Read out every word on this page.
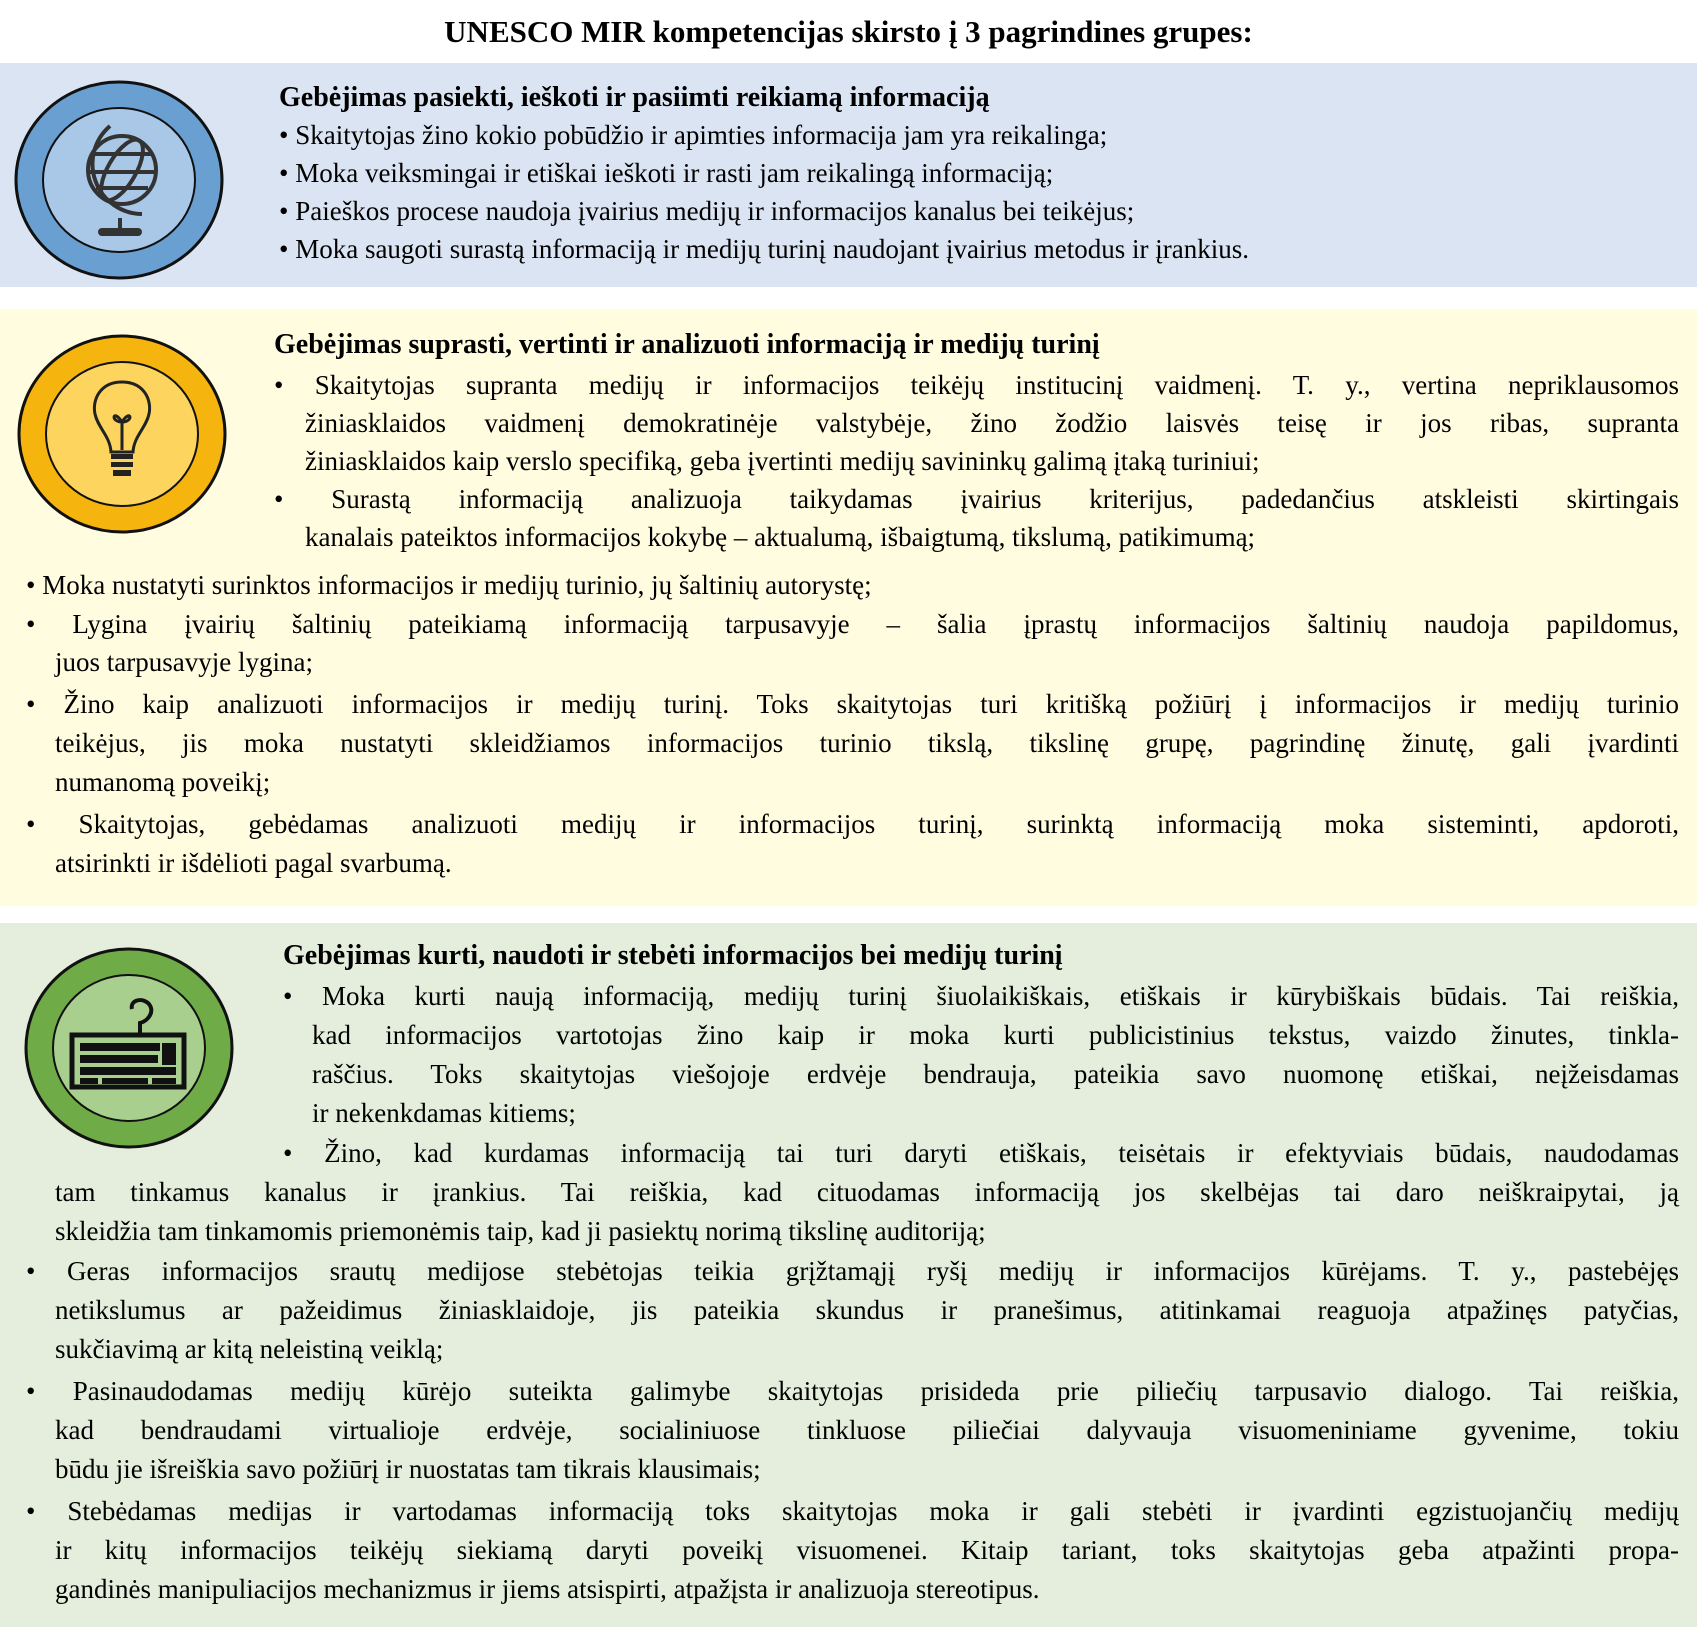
UNESCO MIR kompetencijas skirsto į 3 pagrindines grupes:
Gebėjimas pasiekti, ieškoti ir pasiimti reikiamą informaciją
• Skaitytojas žino kokio pobūdžio ir apimties informacija jam yra reikalinga;
• Moka veiksmingai ir etiškai ieškoti ir rasti jam reikalingą informaciją;
• Paieškos procese naudoja įvairius medijų ir informacijos kanalus bei teikėjus;
• Moka saugoti surastą informaciją ir medijų turinį naudojant įvairius metodus ir įrankius.
Gebėjimas suprasti, vertinti ir analizuoti informaciją ir medijų turinį
• Skaitytojas supranta medijų ir informacijos teikėjų institucinį vaidmenį. T. y., vertina nepriklausomos
žiniasklaidos vaidmenį demokratinėje valstybėje, žino žodžio laisvės teisę ir jos ribas, supranta
žiniasklaidos kaip verslo specifiką, geba įvertinti medijų savininkų galimą įtaką turiniui;
• Surastą informaciją analizuoja taikydamas įvairius kriterijus, padedančius atskleisti skirtingais
kanalais pateiktos informacijos kokybę – aktualumą, išbaigtumą, tikslumą, patikimumą;
• Moka nustatyti surinktos informacijos ir medijų turinio, jų šaltinių autorystę;
• Lygina įvairių šaltinių pateikiamą informaciją tarpusavyje – šalia įprastų informacijos šaltinių naudoja papildomus,
juos tarpusavyje lygina;
• Žino kaip analizuoti informacijos ir medijų turinį. Toks skaitytojas turi kritišką požiūrį į informacijos ir medijų turinio
teikėjus, jis moka nustatyti skleidžiamos informacijos turinio tikslą, tikslinę grupę, pagrindinę žinutę, gali įvardinti
numanomą poveikį;
• Skaitytojas, gebėdamas analizuoti medijų ir informacijos turinį, surinktą informaciją moka sisteminti, apdoroti,
atsirinkti ir išdėlioti pagal svarbumą.
Gebėjimas kurti, naudoti ir stebėti informacijos bei medijų turinį
• Moka kurti naują informaciją, medijų turinį šiuolaikiškais, etiškais ir kūrybiškais būdais. Tai reiškia,
kad informacijos vartotojas žino kaip ir moka kurti publicistinius tekstus, vaizdo žinutes, tinkla-
raščius. Toks skaitytojas viešojoje erdvėje bendrauja, pateikia savo nuomonę etiškai, neįžeisdamas
ir nekenkdamas kitiems;
• Žino, kad kurdamas informaciją tai turi daryti etiškais, teisėtais ir efektyviais būdais, naudodamas
tam tinkamus kanalus ir įrankius. Tai reiškia, kad cituodamas informaciją jos skelbėjas tai daro neiškraipytai, ją
skleidžia tam tinkamomis priemonėmis taip, kad ji pasiektų norimą tikslinę auditoriją;
• Geras informacijos srautų medijose stebėtojas teikia grįžtamąjį ryšį medijų ir informacijos kūrėjams. T. y., pastebėjęs
netikslumus ar pažeidimus žiniasklaidoje, jis pateikia skundus ir pranešimus, atitinkamai reaguoja atpažinęs patyčias,
sukčiavimą ar kitą neleistiną veiklą;
• Pasinaudodamas medijų kūrėjo suteikta galimybe skaitytojas prisideda prie piliečių tarpusavio dialogo. Tai reiškia,
kad bendraudami virtualioje erdvėje, socialiniuose tinkluose piliečiai dalyvauja visuomeniniame gyvenime, tokiu
būdu jie išreiškia savo požiūrį ir nuostatas tam tikrais klausimais;
• Stebėdamas medijas ir vartodamas informaciją toks skaitytojas moka ir gali stebėti ir įvardinti egzistuojančių medijų
ir kitų informacijos teikėjų siekiamą daryti poveikį visuomenei. Kitaip tariant, toks skaitytojas geba atpažinti propa-
gandinės manipuliacijos mechanizmus ir jiems atsispirti, atpažįsta ir analizuoja stereotipus.
